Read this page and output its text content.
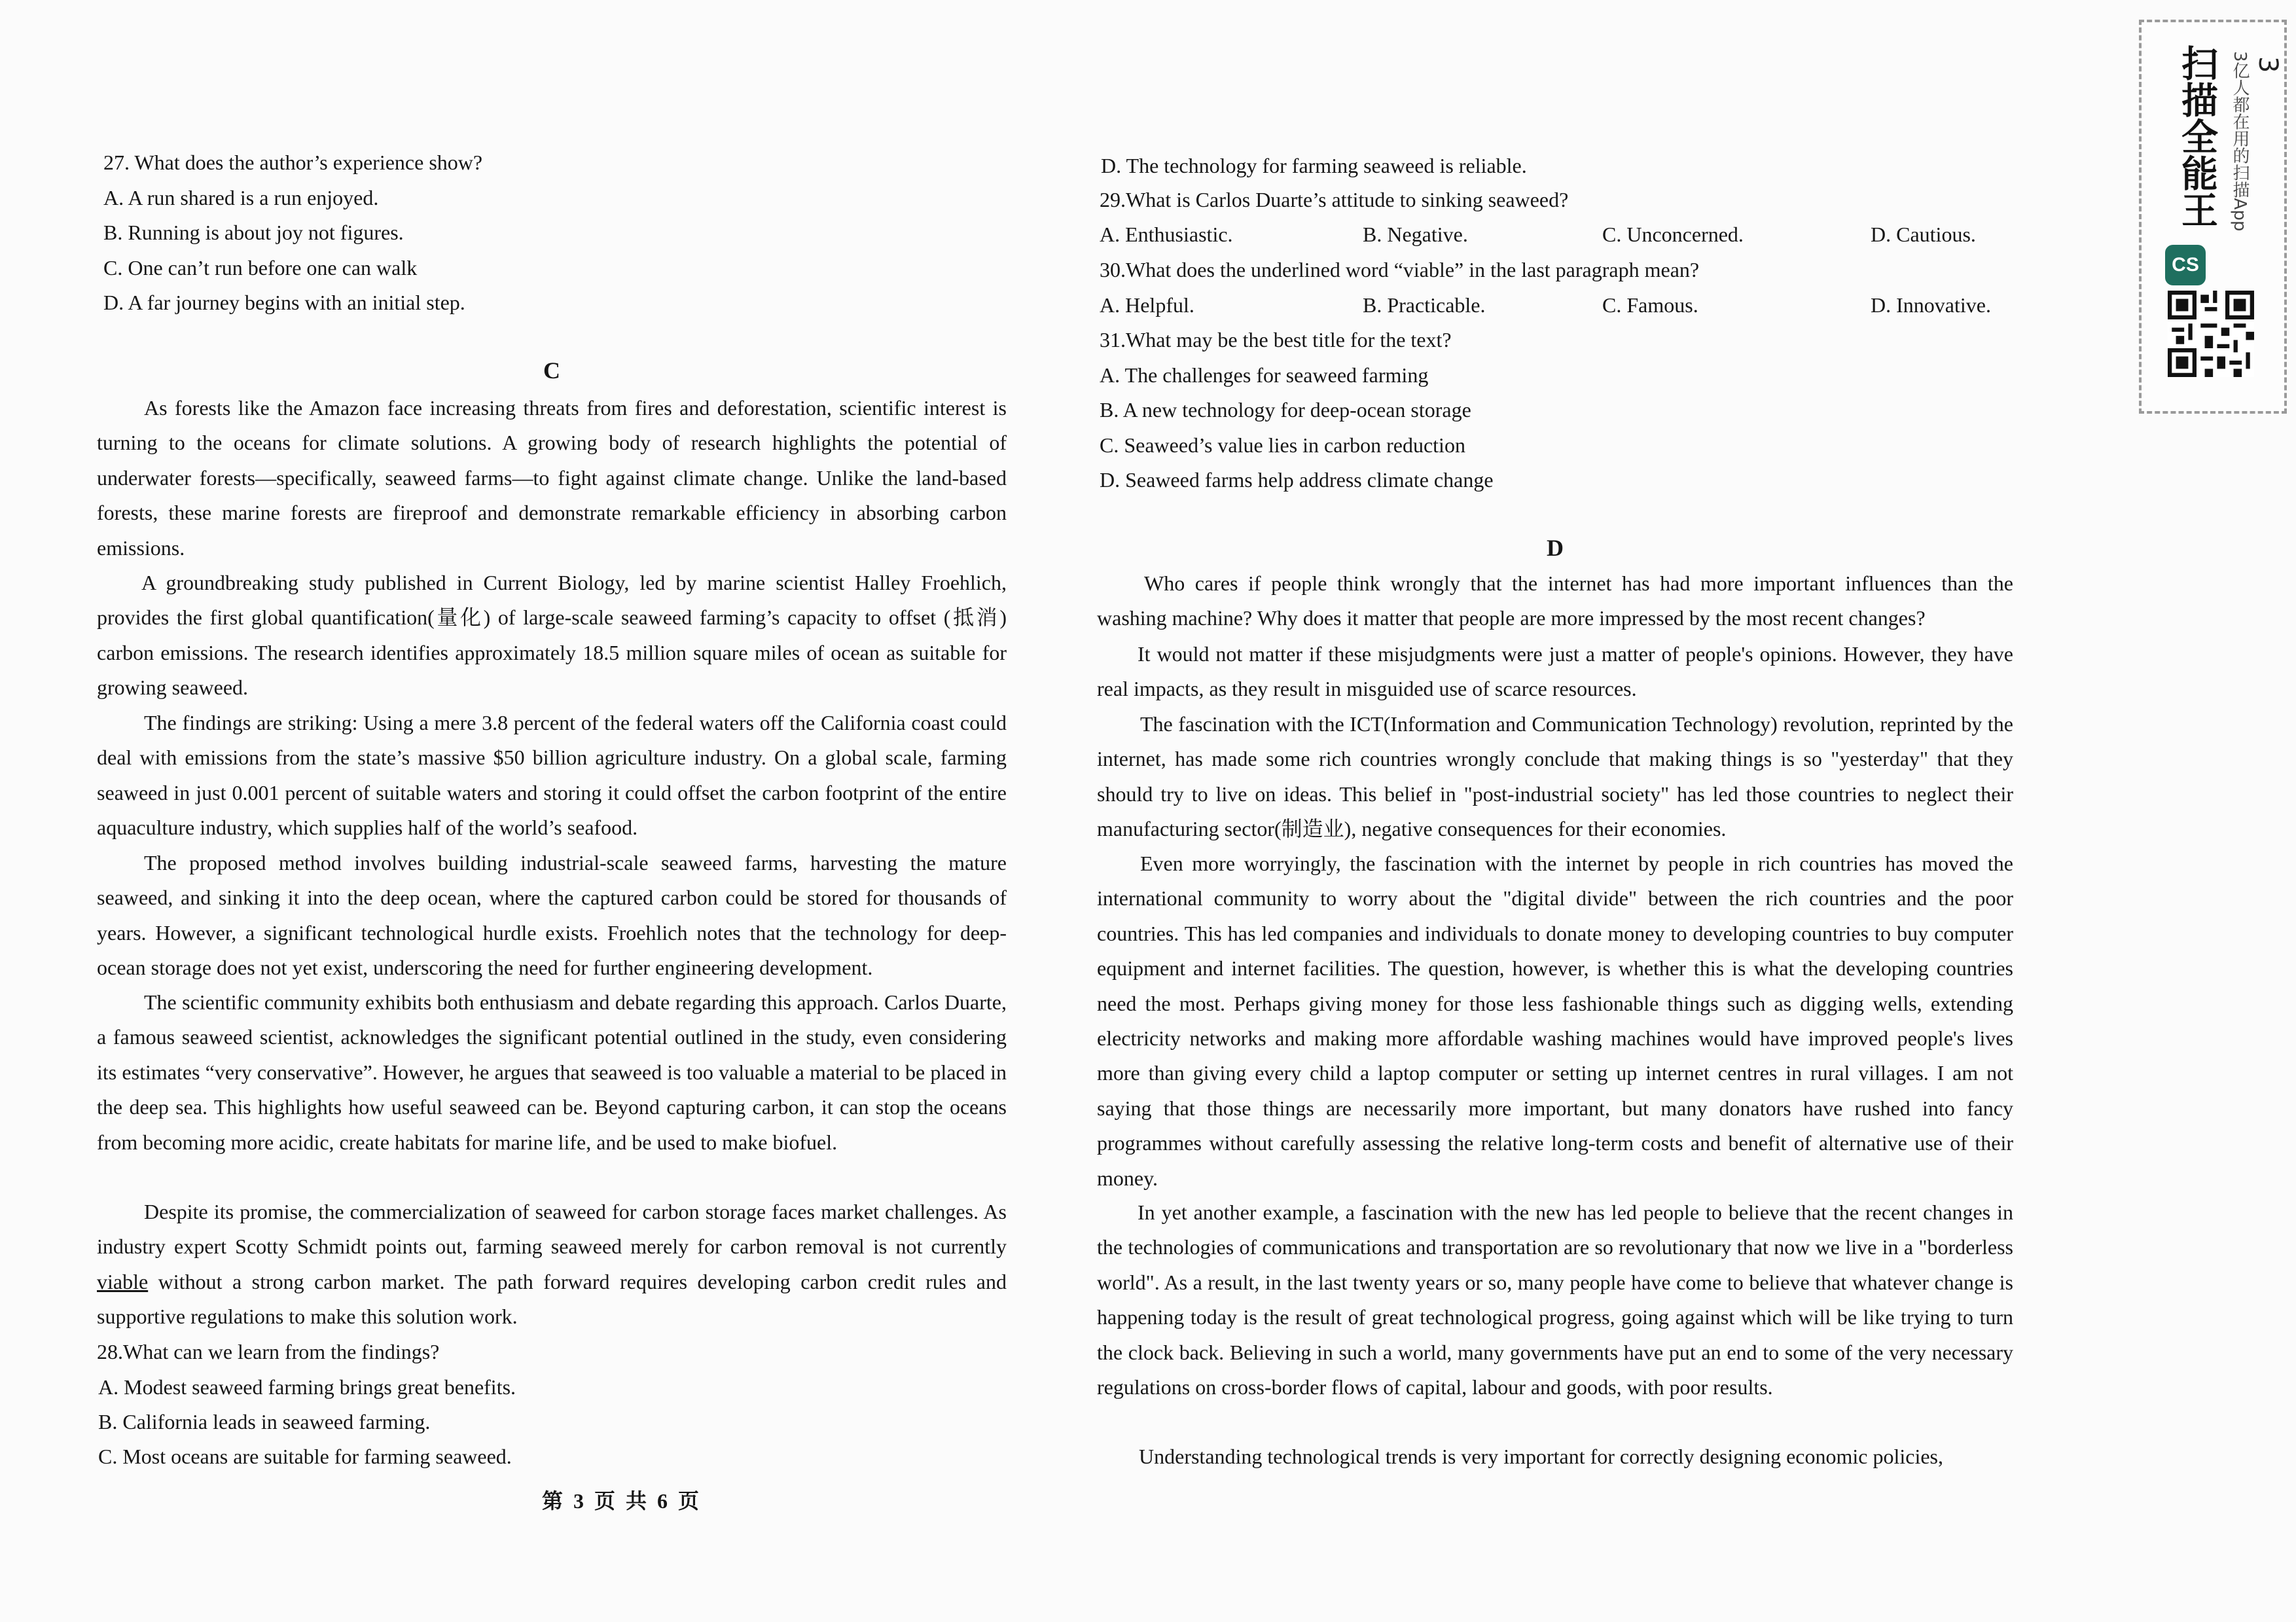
27. What does the author’s experience show?
A. A run shared is a run enjoyed.
B. Running is about joy not figures.
C. One can’t run before one can walk
D. A far journey begins with an initial step.
C
As forests like the Amazon face increasing threats from fires and deforestation, scientific interest is turning to the oceans for climate solutions. A growing body of research highlights the potential of underwater forests—specifically, seaweed farms—to fight against climate change. Unlike the land-based forests, these marine forests are fireproof and demonstrate remarkable efficiency in absorbing carbon emissions.
A groundbreaking study published in Current Biology, led by marine scientist Halley Froehlich, provides the first global quantification(量化) of large-scale seaweed farming’s capacity to offset (抵消) carbon emissions. The research identifies approximately 18.5 million square miles of ocean as suitable for growing seaweed.
The findings are striking: Using a mere 3.8 percent of the federal waters off the California coast could deal with emissions from the state’s massive $50 billion agriculture industry. On a global scale, farming seaweed in just 0.001 percent of suitable waters and storing it could offset the carbon footprint of the entire aquaculture industry, which supplies half of the world’s seafood.
The proposed method involves building industrial-scale seaweed farms, harvesting the mature seaweed, and sinking it into the deep ocean, where the captured carbon could be stored for thousands of years. However, a significant technological hurdle exists. Froehlich notes that the technology for deep-ocean storage does not yet exist, underscoring the need for further engineering development.
The scientific community exhibits both enthusiasm and debate regarding this approach. Carlos Duarte, a famous seaweed scientist, acknowledges the significant potential outlined in the study, even considering its estimates “very conservative”. However, he argues that seaweed is too valuable a material to be placed in the deep sea. This highlights how useful seaweed can be. Beyond capturing carbon, it can stop the oceans from becoming more acidic, create habitats for marine life, and be used to make biofuel.
Despite its promise, the commercialization of seaweed for carbon storage faces market challenges. As industry expert Scotty Schmidt points out, farming seaweed merely for carbon removal is not currently viable without a strong carbon market. The path forward requires developing carbon credit rules and supportive regulations to make this solution work.
28.What can we learn from the findings?
A. Modest seaweed farming brings great benefits.
B. California leads in seaweed farming.
C. Most oceans are suitable for farming seaweed.
D. The technology for farming seaweed is reliable.
29.What is Carlos Duarte’s attitude to sinking seaweed?
A. Enthusiastic.	B. Negative.	C. Unconcerned.	D. Cautious.
30.What does the underlined word “viable” in the last paragraph mean?
A. Helpful.	B. Practicable.	C. Famous.	D. Innovative.
31.What may be the best title for the text?
A. The challenges for seaweed farming
B. A new technology for deep-ocean storage
C. Seaweed’s value lies in carbon reduction
D. Seaweed farms help address climate change
D
Who cares if people think wrongly that the internet has had more important influences than the washing machine? Why does it matter that people are more impressed by the most recent changes?
It would not matter if these misjudgments were just a matter of people's opinions. However, they have real impacts, as they result in misguided use of scarce resources.
The fascination with the ICT(Information and Communication Technology) revolution, reprinted by the internet, has made some rich countries wrongly conclude that making things is so "yesterday" that they should try to live on ideas. This belief in "post-industrial society" has led those countries to neglect their manufacturing sector(制造业), negative consequences for their economies.
Even more worryingly, the fascination with the internet by people in rich countries has moved the international community to worry about the "digital divide" between the rich countries and the poor countries. This has led companies and individuals to donate money to developing countries to buy computer equipment and internet facilities. The question, however, is whether this is what the developing countries need the most. Perhaps giving money for those less fashionable things such as digging wells, extending electricity networks and making more affordable washing machines would have improved people's lives more than giving every child a laptop computer or setting up internet centres in rural villages. I am not saying that those things are necessarily more important, but many donators have rushed into fancy programmes without carefully assessing the relative long-term costs and benefit of alternative use of their money.
In yet another example, a fascination with the new has led people to believe that the recent changes in the technologies of communications and transportation are so revolutionary that now we live in a "borderless world". As a result, in the last twenty years or so, many people have come to believe that whatever change is happening today is the result of great technological progress, going against which will be like trying to turn the clock back. Believing in such a world, many governments have put an end to some of the very necessary regulations on cross-border flows of capital, labour and goods, with poor results.
Understanding technological trends is very important for correctly designing economic policies,
第 3 页 共 6 页
扫描全能王 3亿人都在用的扫描App 3
CS
